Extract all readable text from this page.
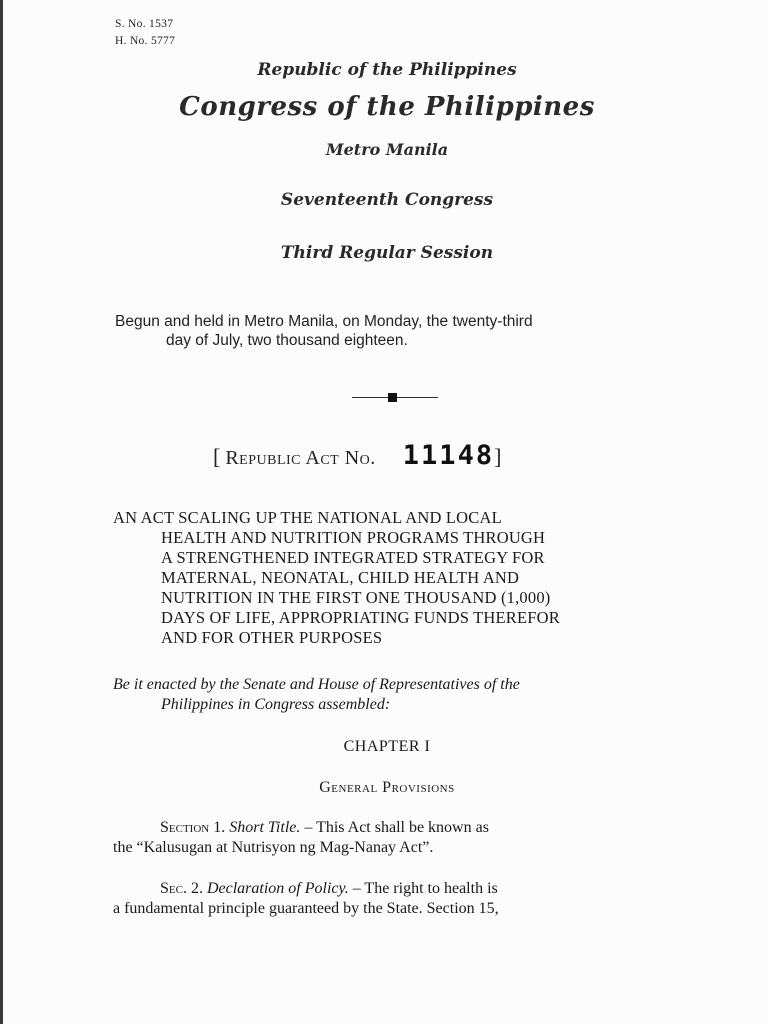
S. No. 1537
H. No. 5777
Republic of the Philippines
Congress of the Philippines
Metro Manila
Seventeenth Congress
Third Regular Session
Begun and held in Metro Manila, on Monday, the twenty-third
day of July, two thousand eighteen.
[ Republic Act No. 11148]
AN ACT SCALING UP THE NATIONAL AND LOCAL
HEALTH AND NUTRITION PROGRAMS THROUGH
A STRENGTHENED INTEGRATED STRATEGY FOR
MATERNAL, NEONATAL, CHILD HEALTH AND
NUTRITION IN THE FIRST ONE THOUSAND (1,000)
DAYS OF LIFE, APPROPRIATING FUNDS THEREFOR
AND FOR OTHER PURPOSES
Be it enacted by the Senate and House of Representatives of the
Philippines in Congress assembled:
CHAPTER I
General Provisions
Section 1. Short Title. – This Act shall be known as
the “Kalusugan at Nutrisyon ng Mag-Nanay Act”.
Sec. 2. Declaration of Policy. – The right to health is
a fundamental principle guaranteed by the State. Section 15,
